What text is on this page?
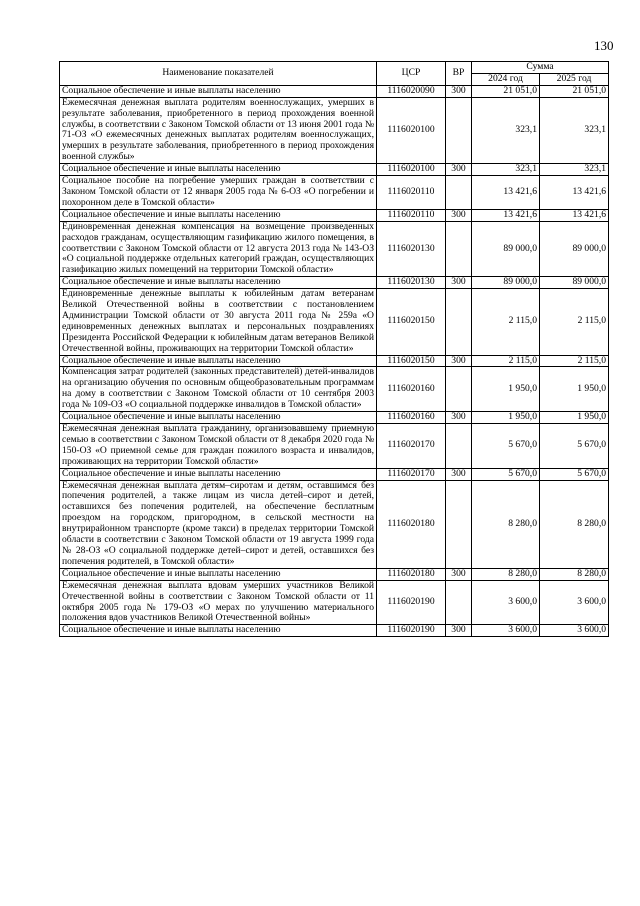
130
Наименование показателей	ЦСР	ВР	Сумма	
			2024 год	2025 год
Социальное обеспечение и иные выплаты населению	1116020090	300	21 051,0	21 051,0
Ежемесячная денежная выплата родителям военнослужащих, умерших в результате заболевания, приобретенного в период прохождения военной службы, в соответствии с Законом Томской области от 13 июня 2001 года № 71-ОЗ «О ежемесячных денежных выплатах родителям военнослужащих, умерших в результате заболевания, приобретенного в период прохождения военной службы»	1116020100		323,1	323,1
Социальное обеспечение и иные выплаты населению	1116020100	300	323,1	323,1
Социальное пособие на погребение умерших граждан в соответствии с Законом Томской области от 12 января 2005 года № 6-ОЗ «О погребении и похоронном деле в Томской области»	1116020110		13 421,6	13 421,6
Социальное обеспечение и иные выплаты населению	1116020110	300	13 421,6	13 421,6
Единовременная денежная компенсация на возмещение произведенных расходов гражданам, осуществляющим газификацию жилого помещения, в соответствии с Законом Томской области от 12 августа 2013 года № 143-ОЗ «О социальной поддержке отдельных категорий граждан, осуществляющих газификацию жилых помещений на территории Томской области»	1116020130		89 000,0	89 000,0
Социальное обеспечение и иные выплаты населению	1116020130	300	89 000,0	89 000,0
Единовременные денежные выплаты к юбилейным датам ветеранам Великой Отечественной войны в соответствии с постановлением Администрации Томской области от 30 августа 2011 года № 259а «О единовременных денежных выплатах и персональных поздравлениях Президента Российской Федерации к юбилейным датам ветеранов Великой Отечественной войны, проживающих на территории Томской области»	1116020150		2 115,0	2 115,0
Социальное обеспечение и иные выплаты населению	1116020150	300	2 115,0	2 115,0
Компенсация затрат родителей (законных представителей) детей-инвалидов на организацию обучения по основным общеобразовательным программам на дому в соответствии с Законом Томской области от 10 сентября 2003 года № 109-ОЗ «О социальной поддержке инвалидов в Томской области»	1116020160		1 950,0	1 950,0
Социальное обеспечение и иные выплаты населению	1116020160	300	1 950,0	1 950,0
Ежемесячная денежная выплата гражданину, организовавшему приемную семью в соответствии с Законом Томской области от 8 декабря 2020 года № 150-ОЗ «О приемной семье для граждан пожилого возраста и инвалидов, проживающих на территории Томской области»	1116020170		5 670,0	5 670,0
Социальное обеспечение и иные выплаты населению	1116020170	300	5 670,0	5 670,0
Ежемесячная денежная выплата детям–сиротам и детям, оставшимся без попечения родителей, а также лицам из числа детей–сирот и детей, оставшихся без попечения родителей, на обеспечение бесплатным проездом на городском, пригородном, в сельской местности на внутрирайонном транспорте (кроме такси) в пределах территории Томской области в соответствии с Законом Томской области от 19 августа 1999 года № 28-ОЗ «О социальной поддержке детей–сирот и детей, оставшихся без попечения родителей, в Томской области»	1116020180		8 280,0	8 280,0
Социальное обеспечение и иные выплаты населению	1116020180	300	8 280,0	8 280,0
Ежемесячная денежная выплата вдовам умерших участников Великой Отечественной войны в соответствии с Законом Томской области от 11 октября 2005 года № 179-ОЗ «О мерах по улучшению материального положения вдов участников Великой Отечественной войны»	1116020190		3 600,0	3 600,0
Социальное обеспечение и иные выплаты населению	1116020190	300	3 600,0	3 600,0
